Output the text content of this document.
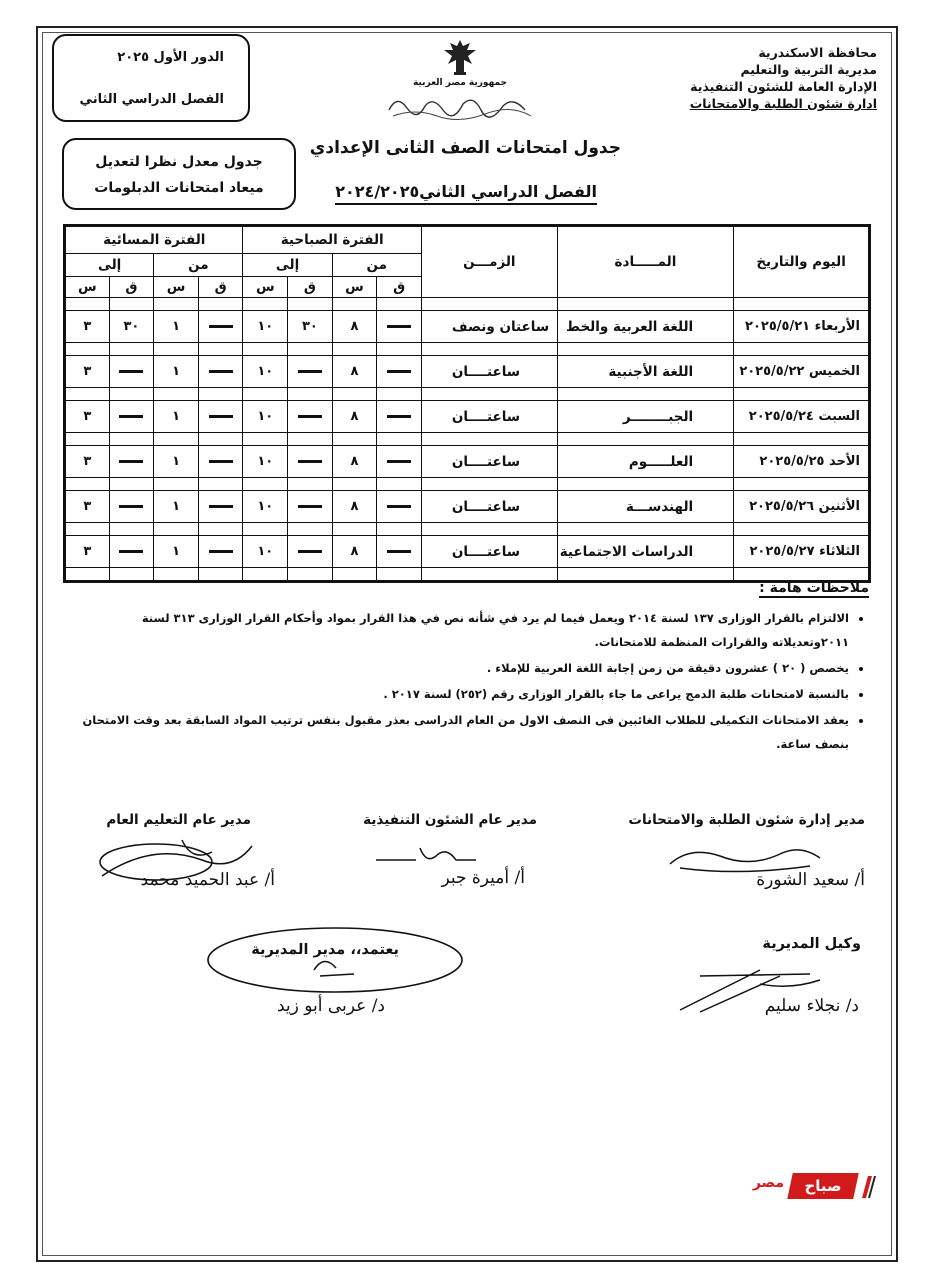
محافظة الاسكندرية
مديرية التربية والتعليم
الإدارة العامة للشئون التنفيذية
ادارة شئون الطلبة والامتحانات
جمهورية مصر العربية
الدور الأول ٢٠٢٥
الفصل الدراسي الثاني
جدول معدل نظرا لتعديل
ميعاد امتحانات الدبلومات
جدول امتحانات الصف الثانى الإعدادي
الفصل الدراسي الثاني٢٠٢٤/٢٠٢٥
اليوم والتاريخ	المـــــادة	الزمـــن	الفترة الصباحية				الفترة المسائية			
			من		إلى		من		إلى	
			ق	س	ق	س	ق	س	ق	س

الأربعاء ٢٠٢٥/٥/٢١	اللغة العربية والخط	ساعتان ونصف		٨	٣٠	١٠		١	٣٠	٣

الخميس ٢٠٢٥/٥/٢٢	اللغة الأجنبية	ساعتــــان		٨		١٠		١		٣

السبت ٢٠٢٥/٥/٢٤	الجبــــــــر	ساعتــــان		٨		١٠		١		٣

الأحد ٢٠٢٥/٥/٢٥	العلـــــوم	ساعتــــان		٨		١٠		١		٣

الأثنين ٢٠٢٥/٥/٢٦	الهندســـة	ساعتــــان		٨		١٠		١		٣

الثلاثاء ٢٠٢٥/٥/٢٧	الدراسات الاجتماعية	ساعتــــان		٨		١٠		١		٣

ملاحظات هامة :
• الالتزام بالقرار الوزارى ١٣٧ لسنة ٢٠١٤ ويعمل فيما لم يرد في شأنه نص في هذا القرار بمواد وأحكام القرار الوزارى ٣١٣ لسنة ٢٠١١وتعديلاته والقرارات المنظمة للامتحانات.
• يخصص ( ٢٠ ) عشرون دقيقة من زمن إجابة اللغة العربية للإملاء .
• بالنسبة لامتحانات طلبة الدمج يراعى ما جاء بالقرار الوزارى رقم (٢٥٢) لسنة ٢٠١٧ .
• يعقد الامتحانات التكميلى للطلاب الغائبين فى النصف الاول من العام الدراسى بعذر مقبول بنفس ترتيب المواد السابقة بعد وقت الامتحان بنصف ساعة.
مدير إدارة شئون الطلبة والامتحانات
مدير عام الشئون التنفيذية
مدير عام التعليم العام
أ/ سعيد الشورة
أ/ أميرة جبر
أ/ عبد الحميد محمد
وكيل المديرية
د/ نجلاء سليم
يعتمد،، مدير المديرية
د/ عربى أبو زيد
صباح
مصر
